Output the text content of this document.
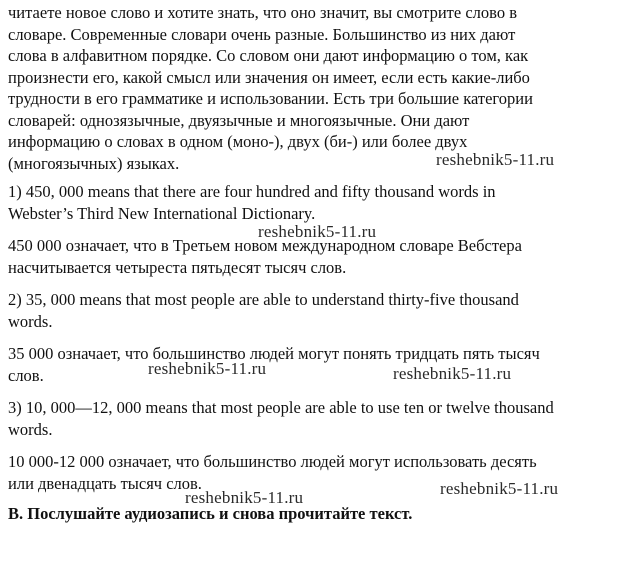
читаете новое слово и хотите знать, что оно значит, вы смотрите слово в
словаре. Современные словари очень разные. Большинство из них дают
слова в алфавитном порядке. Со словом они дают информацию о том, как
произнести его, какой смысл или значения он имеет, если есть какие-либо
трудности в его грамматике и использовании. Есть три большие категории
словарей: однозязычные, двуязычные и многоязычные. Они дают
информацию о словах в одном (моно-), двух (би-) или более двух
(многоязычных) языках.
1) 450, 000 means that there are four hundred and fifty thousand words in
Webster’s Third New International Dictionary.
450 000 означает, что в Третьем новом международном словаре Вебстера
насчитывается четыреста пятьдесят тысяч слов.
2) 35, 000 means that most people are able to understand thirty-five thousand
words.
35 000 означает, что большинство людей могут понять тридцать пять тысяч
слов.
3) 10, 000—12, 000 means that most people are able to use ten or twelve thousand
words.
10 000-12 000 означает, что большинство людей могут использовать десять
или двенадцать тысяч слов.
B. Послушайте аудиозапись и снова прочитайте текст.
reshebnik5-11.ru
reshebnik5-11.ru
reshebnik5-11.ru	reshebnik5-11.ru
reshebnik5-11.ru	reshebnik5-11.ru
